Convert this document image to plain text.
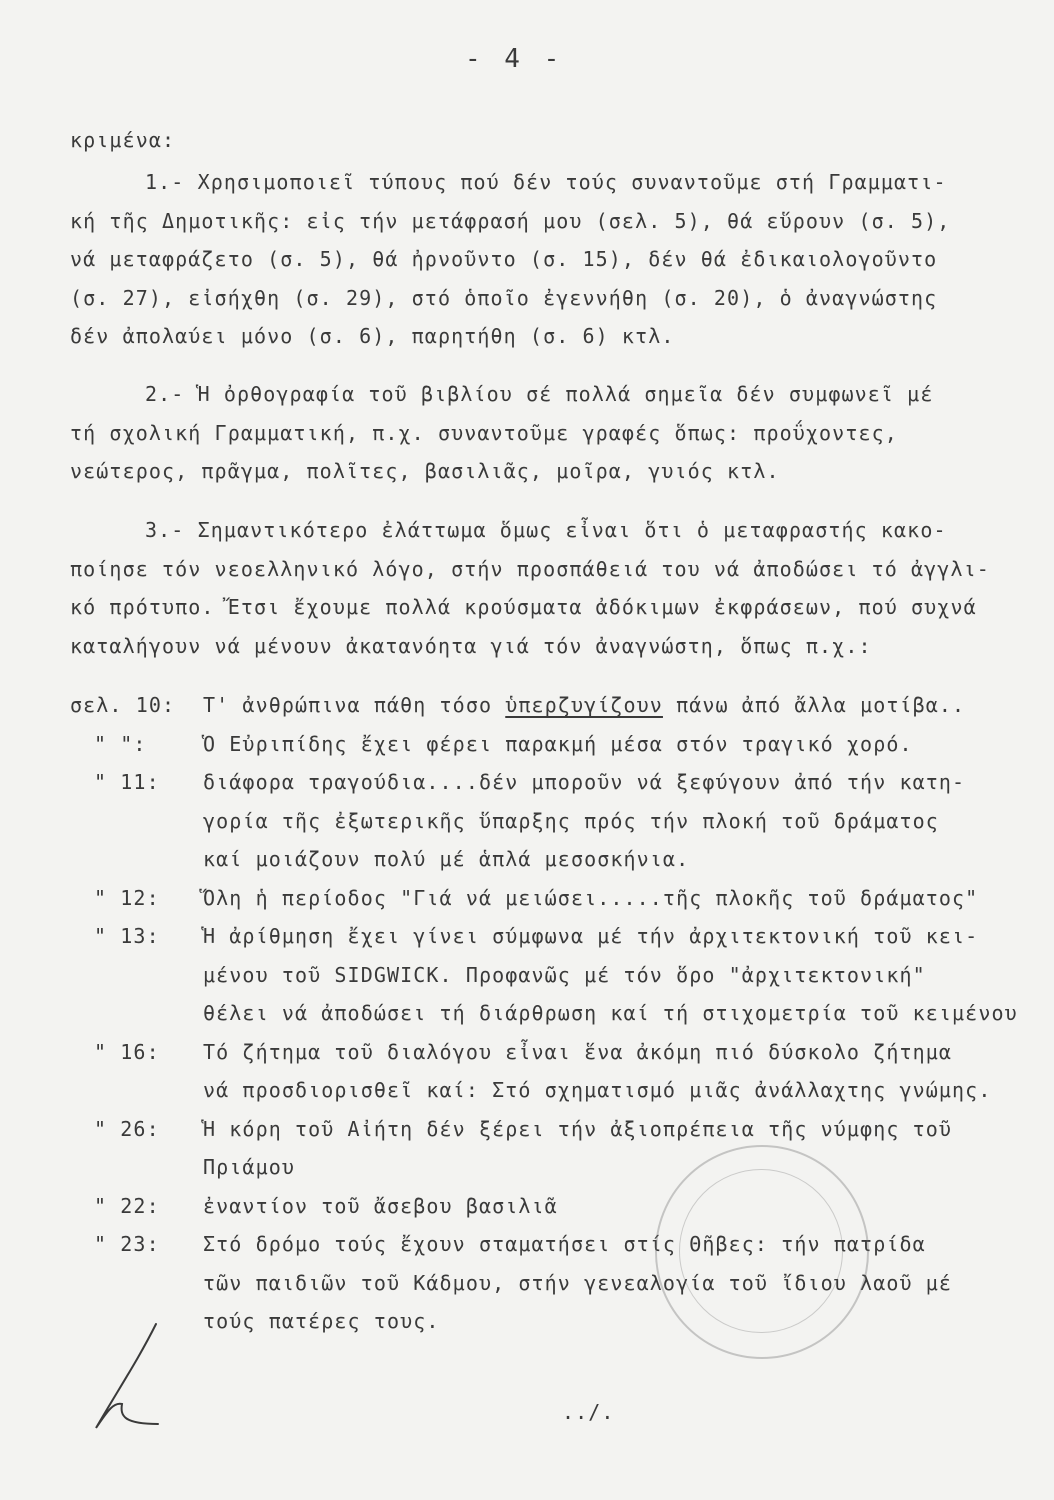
- 4 -
κριμένα:
1.- Χρησιμοποιεῖ τύπους πού δέν τούς συναντοῦμε στή Γραμματι-
κή τῆς Δημοτικῆς: εἰς τήν μετάφρασή μου (σελ. 5), θά εὕρουν (σ. 5),
νά μεταφράζετο (σ. 5), θά ἠρνοῦντο (σ. 15), δέν θά ἐδικαιολογοῦντο
(σ. 27), εἰσήχθη (σ. 29), στό ὁποῖο ἐγεννήθη (σ. 20), ὁ ἀναγνώστης
δέν ἀπολαύει μόνο (σ. 6), παρητήθη (σ. 6) κτλ.
2.- Ἡ ὀρθογραφία τοῦ βιβλίου σέ πολλά σημεῖα δέν συμφωνεῖ μέ
τή σχολική Γραμματική, π.χ. συναντοῦμε γραφές ὅπως: προΰχοντες,
νεώτερος, πρᾶγμα, πολῖτες, βασιλιᾶς, μοῖρα, γυιός κτλ.
3.- Σημαντικότερο ἐλάττωμα ὅμως εἶναι ὅτι ὁ μεταφραστής κακο-
ποίησε τόν νεοελληνικό λόγο, στήν προσπάθειά του νά ἀποδώσει τό ἀγγλι-
κό πρότυπο. Ἔτσι ἔχουμε πολλά κρούσματα ἀδόκιμων ἐκφράσεων, πού συχνά
καταλήγουν νά μένουν ἀκατανόητα γιά τόν ἀναγνώστη, ὅπως π.χ.:
σελ. 10: Τ' ἀνθρώπινα πάθη τόσο ὑπερζυγίζουν πάνω ἀπό ἄλλα μοτίβα..
" ":	Ὁ Εὐριπίδης ἔχει φέρει παρακμή μέσα στόν τραγικό χορό.
" 11: διάφορα τραγούδια....δέν μποροῦν νά ξεφύγουν ἀπό τήν κατη-
γορία τῆς ἐξωτερικῆς ὕπαρξης πρός τήν πλοκή τοῦ δράματος
καί μοιάζουν πολύ μέ ἁπλά μεσοσκήνια.
" 12: Ὅλη ἡ περίοδος "Γιά νά μειώσει.....τῆς πλοκῆς τοῦ δράματος"
" 13: Ἡ ἀρίθμηση ἔχει γίνει σύμφωνα μέ τήν ἀρχιτεκτονική τοῦ κει-
μένου τοῦ SIDGWICK. Προφανῶς μέ τόν ὅρο "ἀρχιτεκτονική"
θέλει νά ἀποδώσει τή διάρθρωση καί τή στιχομετρία τοῦ κειμένου
" 16: Τό ζήτημα τοῦ διαλόγου εἶναι ἕνα ἀκόμη πιό δύσκολο ζήτημα
νά προσδιορισθεῖ καί: Στό σχηματισμό μιᾶς ἀνάλλαχτης γνώμης.
" 26: Ἡ κόρη τοῦ Αἰήτη δέν ξέρει τήν ἀξιοπρέπεια τῆς νύμφης τοῦ
Πριάμου
" 22: ἐναντίον τοῦ ἄσεβου βασιλιᾶ
" 23: Στό δρόμο τούς ἔχουν σταματήσει στίς Θῆβες: τήν πατρίδα
τῶν παιδιῶν τοῦ Κάδμου, στήν γενεαλογία τοῦ ἴδιου λαοῦ μέ
τούς πατέρες τους.
../.
